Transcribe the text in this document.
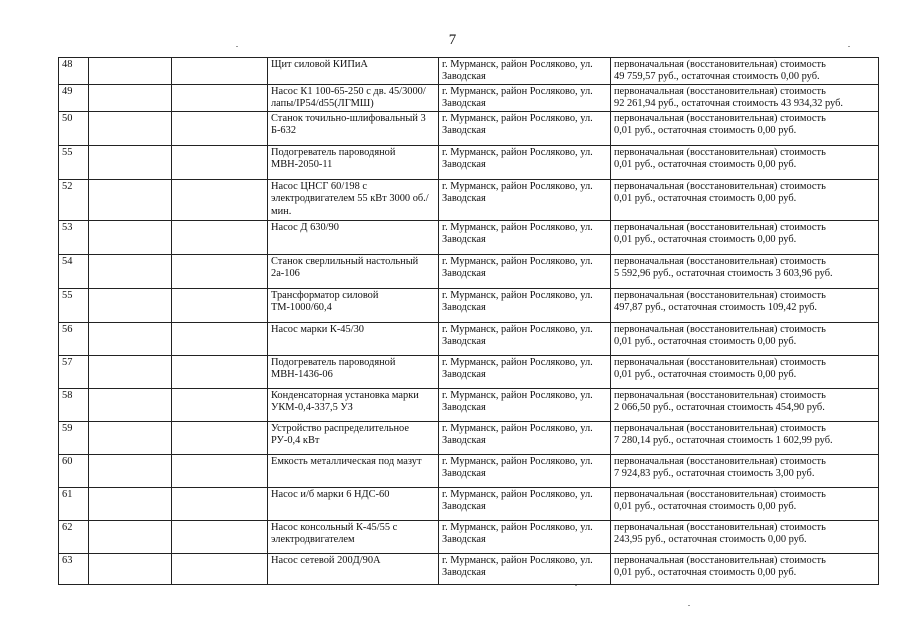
7
48			Щит силовой КИПиА	г. Мурманск, район Росляково, ул. Заводская	первоначальная (восстановительная) стоимость
49 759,57 руб., остаточная стоимость 0,00 руб.

49			Насос К1 100-65-250 с дв. 45/3000/лапы/IP54/d55(ЛГМШ)	г. Мурманск, район Росляково, ул. Заводская	первоначальная (восстановительная) стоимость
92 261,94 руб., остаточная стоимость 43 934,32 руб.

50			Станок точильно-шлифовальный 3 Б-632	г. Мурманск, район Росляково, ул. Заводская	первоначальная (восстановительная) стоимость
0,01 руб., остаточная стоимость 0,00 руб.

55			Подогреватель пароводяной МВН-2050-11	г. Мурманск, район Росляково, ул. Заводская	первоначальная (восстановительная) стоимость
0,01 руб., остаточная стоимость 0,00 руб.

52			Насос ЦНСГ 60/198 с электродвигателем 55 кВт 3000 об./мин.	г. Мурманск, район Росляково, ул. Заводская	первоначальная (восстановительная) стоимость
0,01 руб., остаточная стоимость 0,00 руб.

53			Насос Д 630/90	г. Мурманск, район Росляково, ул. Заводская	первоначальная (восстановительная) стоимость
0,01 руб., остаточная стоимость 0,00 руб.

54			Станок сверлильный настольный 2а-106	г. Мурманск, район Росляково, ул. Заводская	первоначальная (восстановительная) стоимость
5 592,96 руб., остаточная стоимость 3 603,96 руб.

55			Трансформатор силовой ТМ-1000/60,4	г. Мурманск, район Росляково, ул. Заводская	первоначальная (восстановительная) стоимость
497,87 руб., остаточная стоимость 109,42 руб.

56			Насос марки К-45/30	г. Мурманск, район Росляково, ул. Заводская	первоначальная (восстановительная) стоимость
0,01 руб., остаточная стоимость 0,00 руб.

57			Подогреватель пароводяной МВН-1436-06	г. Мурманск, район Росляково, ул. Заводская	первоначальная (восстановительная) стоимость
0,01 руб., остаточная стоимость 0,00 руб.

58			Конденсаторная установка марки УКМ-0,4-337,5 УЗ	г. Мурманск, район Росляково, ул. Заводская	первоначальная (восстановительная) стоимость
2 066,50 руб., остаточная стоимость 454,90 руб.

59			Устройство распределительное РУ-0,4 кВт	г. Мурманск, район Росляково, ул. Заводская	первоначальная (восстановительная) стоимость
7 280,14 руб., остаточная стоимость 1 602,99 руб.

60			Емкость металлическая под мазут	г. Мурманск, район Росляково, ул. Заводская	первоначальная (восстановительная) стоимость
7 924,83 руб., остаточная стоимость 3,00 руб.

61			Насос и/б марки 6 НДС-60	г. Мурманск, район Росляково, ул. Заводская	первоначальная (восстановительная) стоимость
0,01 руб., остаточная стоимость 0,00 руб.

62			Насос консольный К-45/55 с электродвигателем	г. Мурманск, район Росляково, ул. Заводская	первоначальная (восстановительная) стоимость
243,95 руб., остаточная стоимость 0,00 руб.

63			Насос сетевой 200Д/90А	г. Мурманск, район Росляково, ул. Заводская	первоначальная (восстановительная) стоимость
0,01 руб., остаточная стоимость 0,00 руб.
